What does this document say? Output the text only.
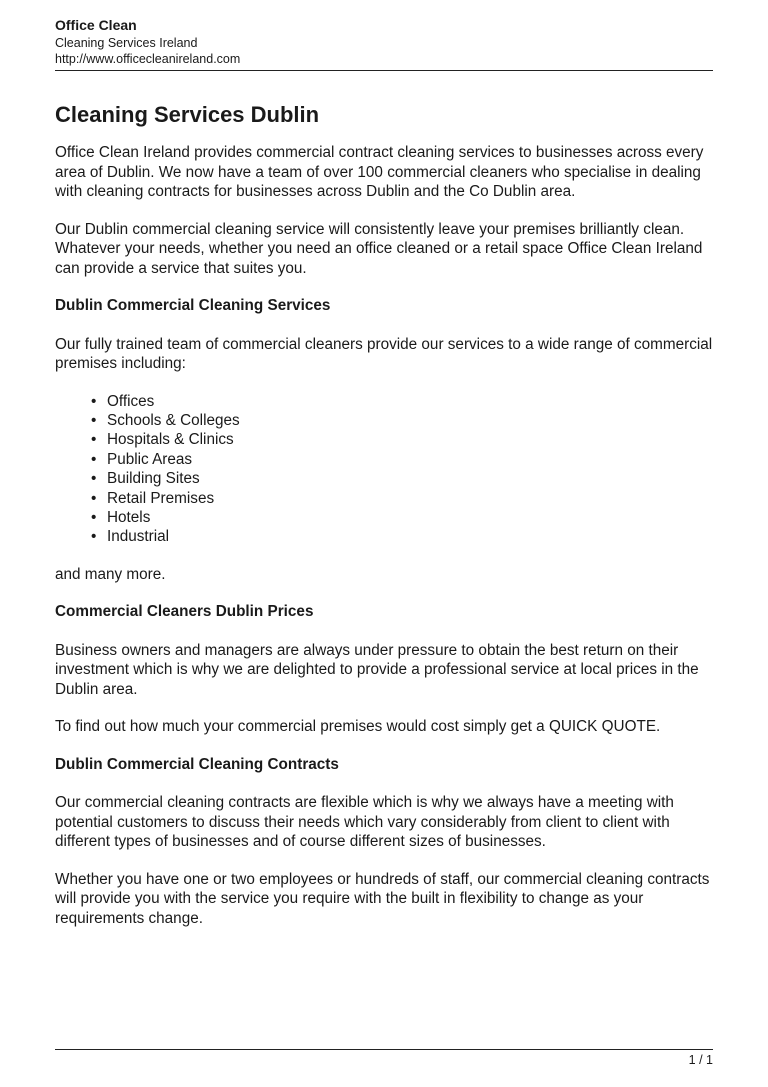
Office Clean
Cleaning Services Ireland
http://www.officecleanireland.com
Cleaning Services Dublin

Office Clean Ireland provides commercial contract cleaning services to businesses across every area of Dublin. We now have a team of over 100 commercial cleaners who specialise in dealing with cleaning contracts for businesses across Dublin and the Co Dublin area.

Our Dublin commercial cleaning service will consistently leave your premises brilliantly clean. Whatever your needs, whether you need an office cleaned or a retail space Office Clean Ireland can provide a service that suites you.

Dublin Commercial Cleaning Services

Our fully trained team of commercial cleaners provide our services to a wide range of commercial premises including:

• Offices
• Schools & Colleges
• Hospitals & Clinics
• Public Areas
• Building Sites
• Retail Premises
• Hotels
• Industrial

and many more.

Commercial Cleaners Dublin Prices

Business owners and managers are always under pressure to obtain the best return on their investment which is why we are delighted to provide a professional service at local prices in the Dublin area.

To find out how much your commercial premises would cost simply get a QUICK QUOTE.

Dublin Commercial Cleaning Contracts

Our commercial cleaning contracts are flexible which is why we always have a meeting with potential customers to discuss their needs which vary considerably from client to client with different types of businesses and of course different sizes of businesses.

Whether you have one or two employees or hundreds of staff, our commercial cleaning contracts will provide you with the service you require with the built in flexibility to change as your requirements change.

1 / 1
